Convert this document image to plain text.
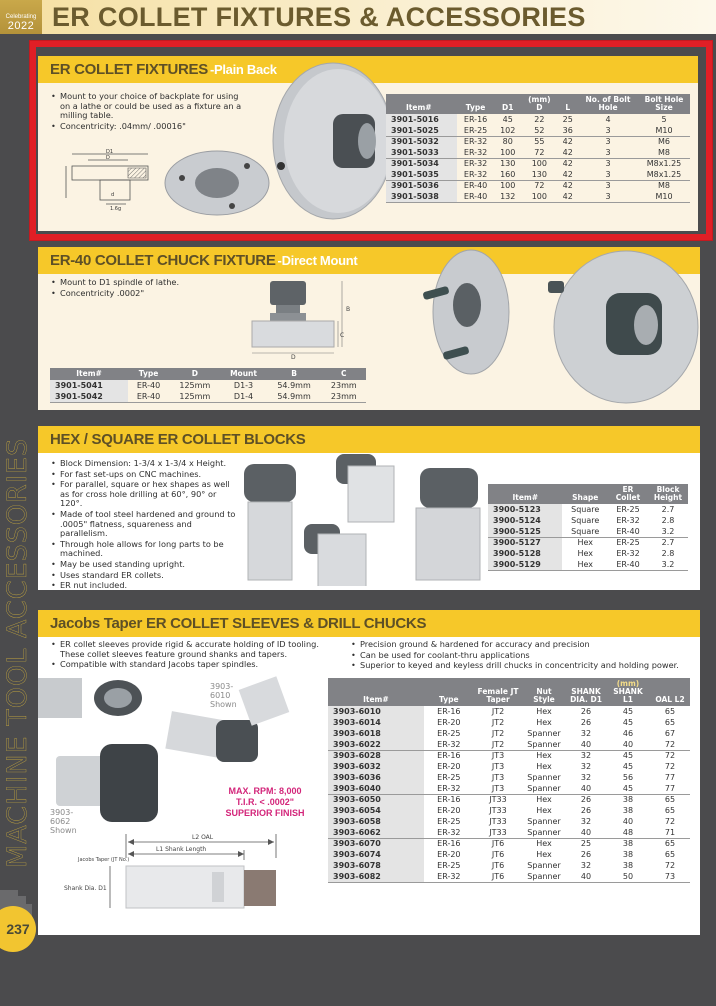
Celebrating
2022 ER COLLET FIXTURES & ACCESSORIES
MACHINE TOOL ACCESSORIES
237
ER COLLET FIXTURES -Plain Back
• Mount to your choice of backplate for using on a lathe or could be used as a fixture an a milling table.
• Concentricity: .04mm/ .00016"
D1
D
d
1.6g
Item#	Type	D1	(mm)
D	L	No. of Bolt Hole	Bolt Hole Size
3901-5016	ER-16	45	22	25	4	5
3901-5025	ER-25	102	52	36	3	M10
3901-5032	ER-32	80	55	42	3	M6
3901-5033	ER-32	100	72	42	3	M8
3901-5034	ER-32	130	100	42	3	M8x1.25
3901-5035	ER-32	160	130	42	3	M8x1.25
3901-5036	ER-40	100	72	42	3	M8
3901-5038	ER-40	132	100	42	3	M10
ER-40 COLLET CHUCK FIXTURE -Direct Mount
• Mount to D1 spindle of lathe.
• Concentricity .0002"
B
C
D
Item#	Type	D	Mount	B	C
3901-5041	ER-40	125mm	D1-3	54.9mm	23mm
3901-5042	ER-40	125mm	D1-4	54.9mm	23mm
HEX / SQUARE ER COLLET BLOCKS
• Block Dimension: 1-3/4 x 1-3/4 x Height.
• For fast set-ups on CNC machines.
• For parallel, square or hex shapes as well as for cross hole drilling at 60°, 90° or 120°.
• Made of tool steel hardened and ground to .0005" flatness, squareness and parallelism.
• Through hole allows for long parts to be machined.
• May be used standing upright.
• Uses standard ER collets.
• ER nut included.
Item#	Shape	ER Collet	Block Height
3900-5123	Square	ER-25	2.7
3900-5124	Square	ER-32	2.8
3900-5125	Square	ER-40	3.2
3900-5127	Hex	ER-25	2.7
3900-5128	Hex	ER-32	2.8
3900-5129	Hex	ER-40	3.2
Jacobs Taper ER COLLET SLEEVES & DRILL CHUCKS
• ER collet sleeves provide rigid & accurate holding of ID tooling. These collet sleeves feature ground shanks and tapers.
• Compatible with standard Jacobs taper spindles.
• Precision ground & hardened for accuracy and precision
• Can be used for coolant-thru applications
• Superior to keyed and keyless drill chucks in concentricity and holding power.
3903-6010 Shown
3903-6062 Shown
MAX. RPM: 8,000
T.I.R. < .0002"
SUPERIOR FINISH
L2 OAL
L1 Shank Length
Jacobs Taper (JT No.)
Shank Dia. D1
Item#	Type	Female JT Taper	Nut Style	SHANK DIA. D1	(mm)
SHANK L1	OAL L2
3903-6010	ER-16	JT2	Hex	26	45	65
3903-6014	ER-20	JT2	Hex	26	45	65
3903-6018	ER-25	JT2	Spanner	32	46	67
3903-6022	ER-32	JT2	Spanner	40	40	72
3903-6028	ER-16	JT3	Hex	32	45	72
3903-6032	ER-20	JT3	Hex	32	45	72
3903-6036	ER-25	JT3	Spanner	32	56	77
3903-6040	ER-32	JT3	Spanner	40	45	77
3903-6050	ER-16	JT33	Hex	26	38	65
3903-6054	ER-20	JT33	Hex	26	38	65
3903-6058	ER-25	JT33	Spanner	32	40	72
3903-6062	ER-32	JT33	Spanner	40	48	71
3903-6070	ER-16	JT6	Hex	25	38	65
3903-6074	ER-20	JT6	Hex	26	38	65
3903-6078	ER-25	JT6	Spanner	32	38	72
3903-6082	ER-32	JT6	Spanner	40	50	73
